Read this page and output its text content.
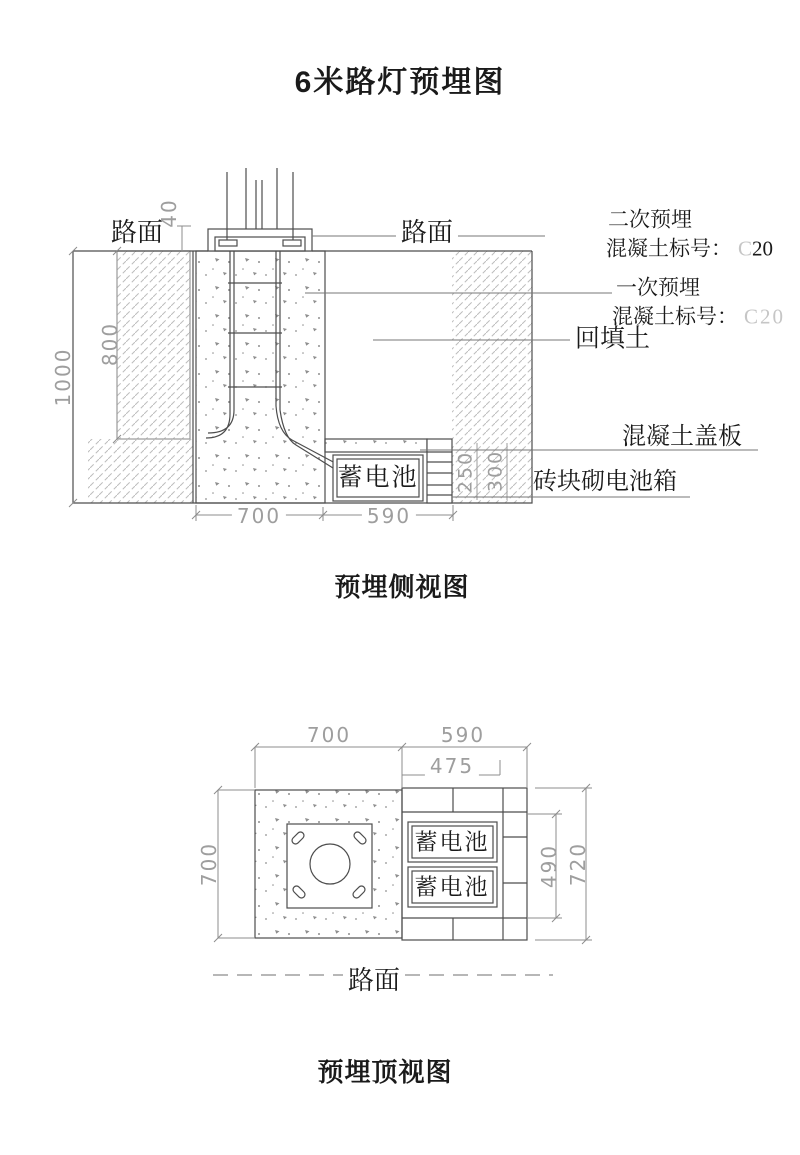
6米路灯预埋图
路面	路面
蓄电池
二次预埋
混凝土标号： C20
一次预埋
混凝土标号： C20
回填土
混凝土盖板
砖块砌电池箱
40
1000
800
250 300
700	590
预埋侧视图
700	590
475
700	490 720
蓄电池
蓄电池
路面
预埋顶视图
